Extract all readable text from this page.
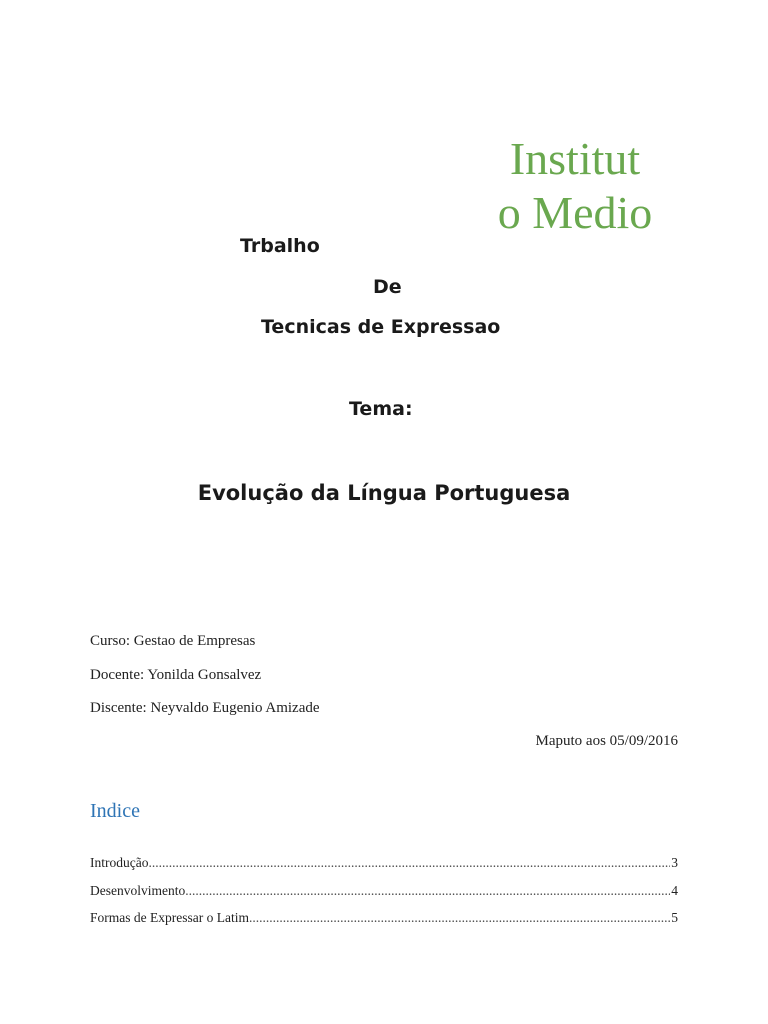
Institut
o Medio
Trbalho
De
Tecnicas de Expressao
Tema:
Evolução da Língua Portuguesa
Curso: Gestao de Empresas
Docente: Yonilda Gonsalvez
Discente: Neyvaldo Eugenio Amizade
Maputo aos 05/09/2016
Indice
Introdução .....	3
Desenvolvimento .....	4
Formas de Expressar o Latim .....	5
